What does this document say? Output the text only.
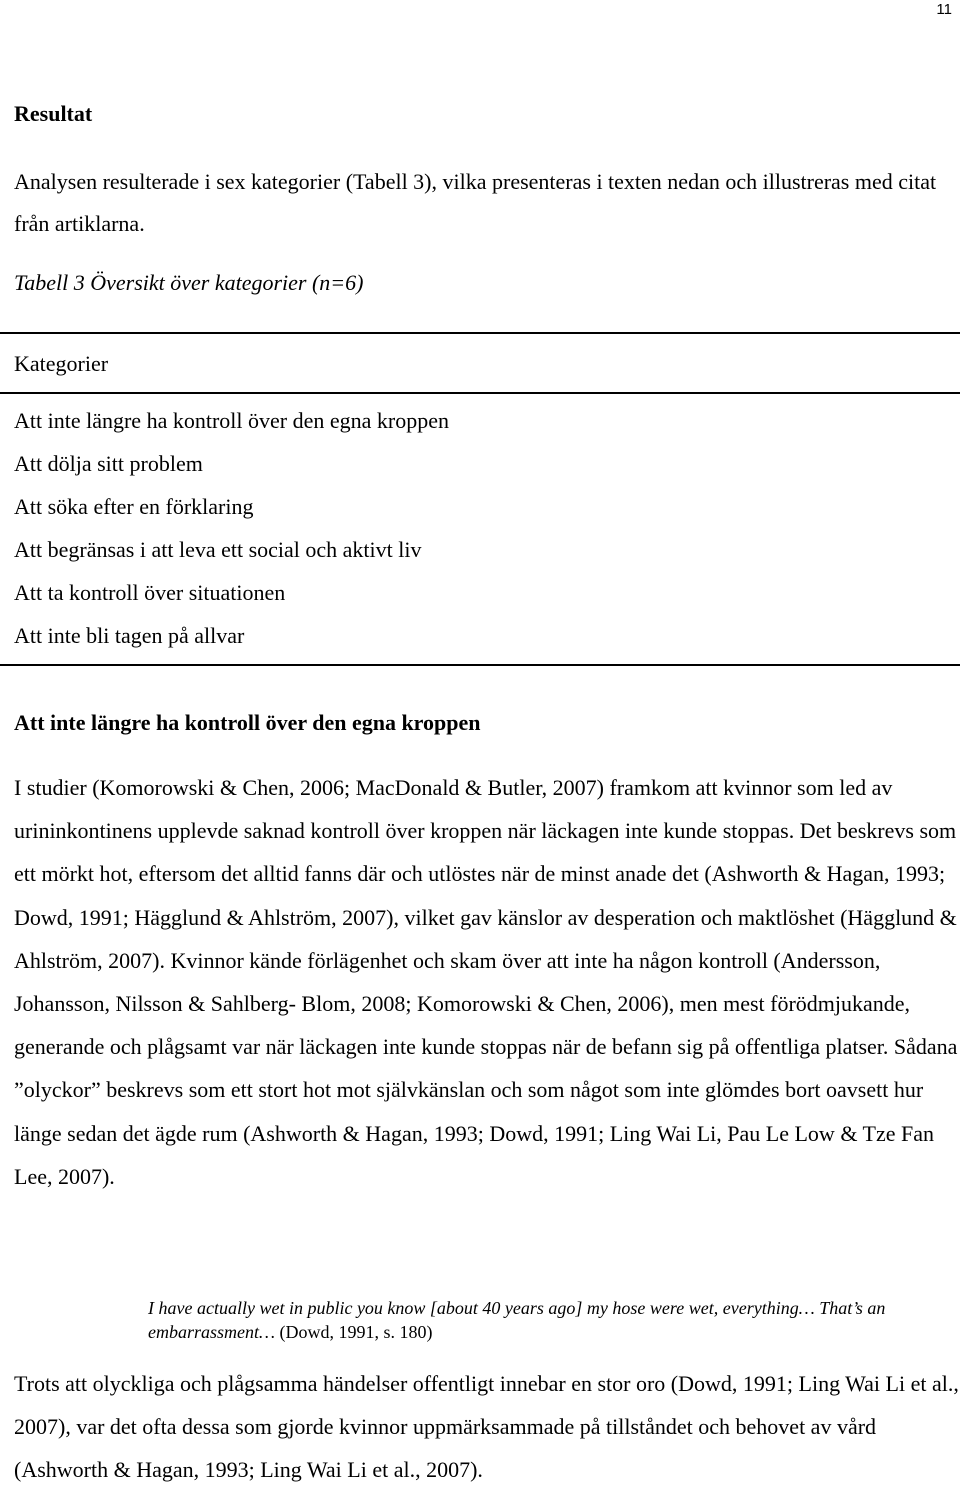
11
Resultat

Analysen resulterade i sex kategorier (Tabell 3), vilka presenteras i texten nedan och illustreras med citat från artiklarna.

Tabell 3 Översikt över kategorier (n=6)

Kategorier
Att inte längre ha kontroll över den egna kroppen
Att dölja sitt problem
Att söka efter en förklaring
Att begränsas i att leva ett social och aktivt liv
Att ta kontroll över situationen
Att inte bli tagen på allvar
Att inte längre ha kontroll över den egna kroppen

I studier (Komorowski & Chen, 2006; MacDonald & Butler, 2007) framkom att kvinnor som led av urininkontinens upplevde saknad kontroll över kroppen när läckagen inte kunde stoppas. Det beskrevs som ett mörkt hot, eftersom det alltid fanns där och utlöstes när de minst anade det (Ashworth & Hagan, 1993; Dowd, 1991; Hägglund & Ahlström, 2007), vilket gav känslor av desperation och maktlöshet (Hägglund & Ahlström, 2007). Kvinnor kände förlägenhet och skam över att inte ha någon kontroll (Andersson, Johansson, Nilsson & Sahlberg- Blom, 2008; Komorowski & Chen, 2006), men mest förödmjukande, generande och plågsamt var när läckagen inte kunde stoppas när de befann sig på offentliga platser. Sådana ”olyckor” beskrevs som ett stort hot mot självkänslan och som något som inte glömdes bort oavsett hur länge sedan det ägde rum (Ashworth & Hagan, 1993; Dowd, 1991; Ling Wai Li, Pau Le Low & Tze Fan Lee, 2007).

I have actually wet in public you know [about 40 years ago] my hose were wet, everything… That’s an embarrassment… (Dowd, 1991, s. 180)

Trots att olyckliga och plågsamma händelser offentligt innebar en stor oro (Dowd, 1991; Ling Wai Li et al., 2007), var det ofta dessa som gjorde kvinnor uppmärksammade på tillståndet och behovet av vård (Ashworth & Hagan, 1993; Ling Wai Li et al., 2007).
